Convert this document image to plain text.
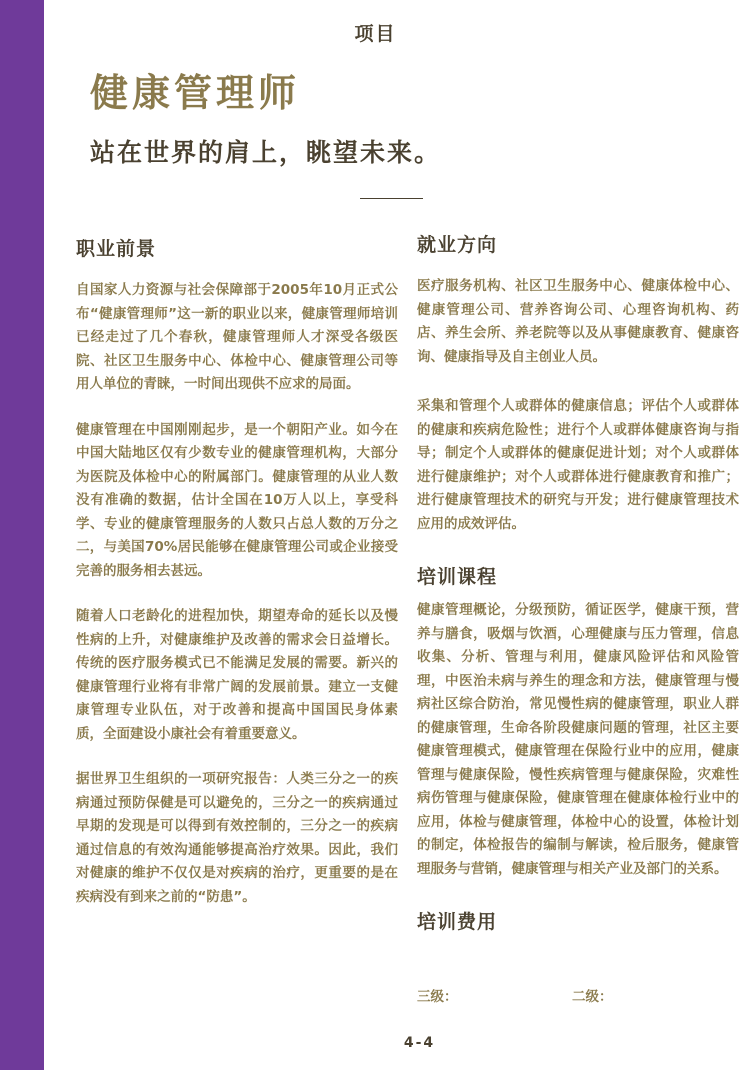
项目
健康管理师
站在世界的肩上，眺望未来。
职业前景

自国家人力资源与社会保障部于2005年10月正式公布“健康管理师”这一新的职业以来，健康管理师培训已经走过了几个春秋，健康管理师人才深受各级医院、社区卫生服务中心、体检中心、健康管理公司等用人单位的青睐，一时间出现供不应求的局面。

健康管理在中国刚刚起步，是一个朝阳产业。如今在中国大陆地区仅有少数专业的健康管理机构，大部分为医院及体检中心的附属部门。健康管理的从业人数没有准确的数据，估计全国在10万人以上，享受科学、专业的健康管理服务的人数只占总人数的万分之二，与美国70%居民能够在健康管理公司或企业接受完善的服务相去甚远。

随着人口老龄化的进程加快，期望寿命的延长以及慢性病的上升，对健康维护及改善的需求会日益增长。传统的医疗服务模式已不能满足发展的需要。新兴的健康管理行业将有非常广阔的发展前景。建立一支健康管理专业队伍，对于改善和提高中国国民身体素质，全面建设小康社会有着重要意义。

据世界卫生组织的一项研究报告：人类三分之一的疾病通过预防保健是可以避免的，三分之一的疾病通过早期的发现是可以得到有效控制的，三分之一的疾病通过信息的有效沟通能够提高治疗效果。因此，我们对健康的维护不仅仅是对疾病的治疗，更重要的是在疾病没有到来之前的“防患”。

就业方向

医疗服务机构、社区卫生服务中心、健康体检中心、健康管理公司、营养咨询公司、心理咨询机构、药店、养生会所、养老院等以及从事健康教育、健康咨询、健康指导及自主创业人员。

采集和管理个人或群体的健康信息；评估个人或群体的健康和疾病危险性；进行个人或群体健康咨询与指导；制定个人或群体的健康促进计划；对个人或群体进行健康维护；对个人或群体进行健康教育和推广；进行健康管理技术的研究与开发；进行健康管理技术应用的成效评估。

培训课程

健康管理概论，分级预防，循证医学，健康干预，营养与膳食，吸烟与饮酒，心理健康与压力管理，信息收集、分析、管理与利用，健康风险评估和风险管理，中医治未病与养生的理念和方法，健康管理与慢病社区综合防治，常见慢性病的健康管理，职业人群的健康管理，生命各阶段健康问题的管理，社区主要健康管理模式，健康管理在保险行业中的应用，健康管理与健康保险，慢性疾病管理与健康保险，灾难性病伤管理与健康保险，健康管理在健康体检行业中的应用，体检与健康管理，体检中心的设置，体检计划的制定，体检报告的编制与解读，检后服务，健康管理服务与营销，健康管理与相关产业及部门的关系。

培训费用
三级：	二级：
4-4
